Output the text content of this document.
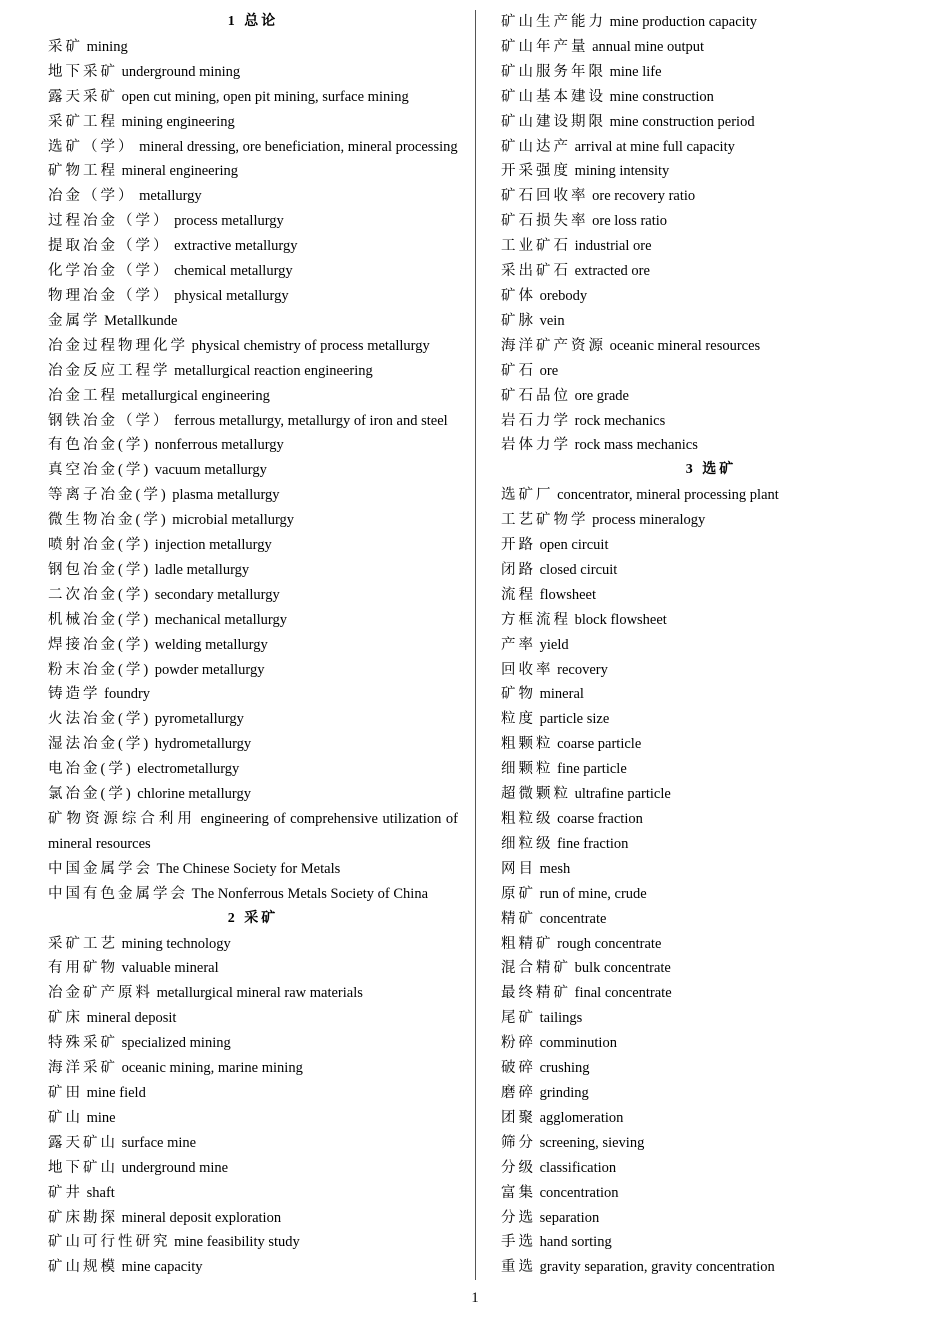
1 总论
采矿 mining
地下采矿 underground mining
露天采矿 open cut mining, open pit mining, surface mining
采矿工程 mining engineering
选矿（学） mineral dressing, ore beneficiation, mineral processing
矿物工程 mineral engineering
冶金（学） metallurgy
过程冶金（学） process metallurgy
提取冶金（学） extractive metallurgy
化学冶金（学） chemical metallurgy
物理冶金（学） physical metallurgy
金属学 Metallkunde
冶金过程物理化学 physical chemistry of process metallurgy
冶金反应工程学 metallurgical reaction engineering
冶金工程 metallurgical engineering
钢铁冶金（学） ferrous metallurgy, metallurgy of iron and steel
有色冶金(学) nonferrous metallurgy
真空冶金(学) vacuum metallurgy
等离子冶金(学) plasma metallurgy
微生物冶金(学) microbial metallurgy
喷射冶金(学) injection metallurgy
钢包冶金(学) ladle metallurgy
二次冶金(学) secondary metallurgy
机械冶金(学) mechanical metallurgy
焊接冶金(学) welding metallurgy
粉末冶金(学) powder metallurgy
铸造学 foundry
火法冶金(学) pyrometallurgy
湿法冶金(学) hydrometallurgy
电冶金(学) electrometallurgy
氯冶金(学) chlorine metallurgy
矿物资源综合利用 engineering of comprehensive utilization of mineral resources
中国金属学会 The Chinese Society for Metals
中国有色金属学会 The Nonferrous Metals Society of China
2 采矿
采矿工艺 mining technology
有用矿物 valuable mineral
冶金矿产原料 metallurgical mineral raw materials
矿床 mineral deposit
特殊采矿 specialized mining
海洋采矿 oceanic mining, marine mining
矿田 mine field
矿山 mine
露天矿山 surface mine
地下矿山 underground mine
矿井 shaft
矿床勘探 mineral deposit exploration
矿山可行性研究 mine feasibility study
矿山规模 mine capacity
矿山生产能力 mine production capacity
矿山年产量 annual mine output
矿山服务年限 mine life
矿山基本建设 mine construction
矿山建设期限 mine construction period
矿山达产 arrival at mine full capacity
开采强度 mining intensity
矿石回收率 ore recovery ratio
矿石损失率 ore loss ratio
工业矿石 industrial ore
采出矿石 extracted ore
矿体 orebody
矿脉 vein
海洋矿产资源 oceanic mineral resources
矿石 ore
矿石品位 ore grade
岩石力学 rock mechanics
岩体力学 rock mass mechanics
3 选矿
选矿厂 concentrator, mineral processing plant
工艺矿物学 process mineralogy
开路 open circuit
闭路 closed circuit
流程 flowsheet
方框流程 block flowsheet
产率 yield
回收率 recovery
矿物 mineral
粒度 particle size
粗颗粒 coarse particle
细颗粒 fine particle
超微颗粒 ultrafine particle
粗粒级 coarse fraction
细粒级 fine fraction
网目 mesh
原矿 run of mine, crude
精矿 concentrate
粗精矿 rough concentrate
混合精矿 bulk concentrate
最终精矿 final concentrate
尾矿 tailings
粉碎 comminution
破碎 crushing
磨碎 grinding
团聚 agglomeration
筛分 screening, sieving
分级 classification
富集 concentration
分选 separation
手选 hand sorting
重选 gravity separation, gravity concentration
1
